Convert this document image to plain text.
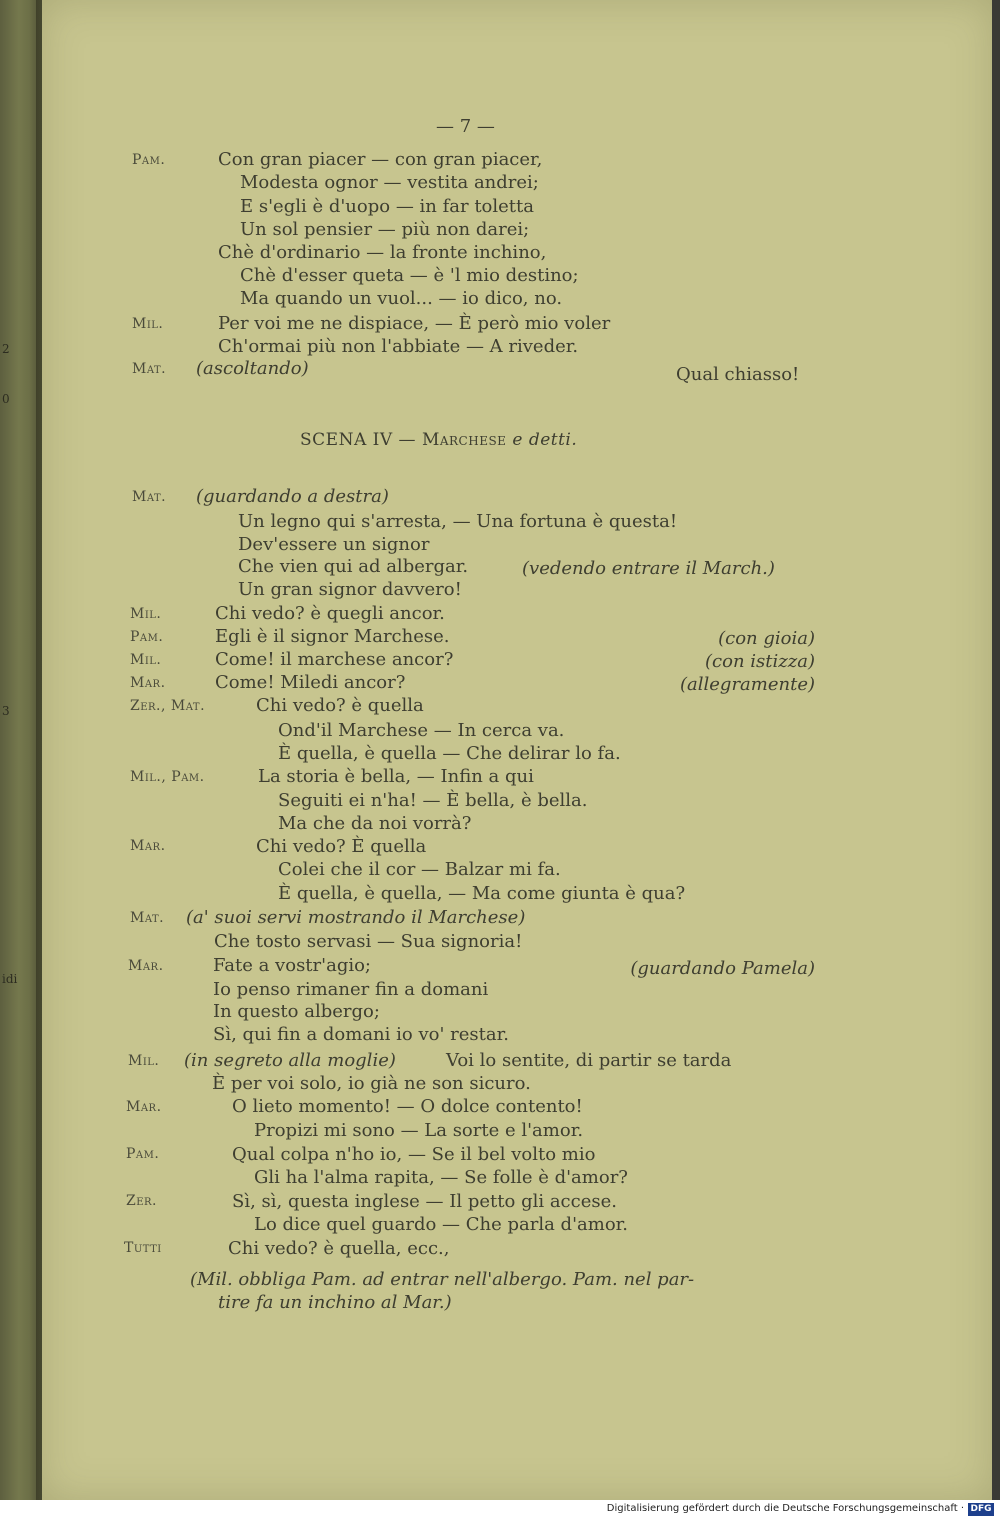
2
0
3
idi
— 7 —
Pam.	Con gran piacer — con gran piacer,
Modesta ognor — vestita andrei;
E s'egli è d'uopo — in far toletta
Un sol pensier — più non darei;
Chè d'ordinario — la fronte inchino,
Chè d'esser queta — è 'l mio destino;
Ma quando un vuol... — io dico, no.
Mil.	Per voi me ne dispiace, — È però mio voler
Ch'ormai più non l'abbiate — A riveder.
Mat. (ascoltando)	Qual chiasso!
SCENA IV — Marchese e detti.
Mat. (guardando a destra)
Un legno qui s'arresta, — Una fortuna è questa!
Dev'essere un signor
Che vien qui ad albergar.	(vedendo entrare il March.)
Un gran signor davvero!
Mil.	Chi vedo? è quegli ancor.
Pam.	Egli è il signor Marchese.	(con gioia)
Mil.	Come! il marchese ancor?	(con istizza)
Mar.	Come! Miledi ancor?	(allegramente)
Zer., Mat.	Chi vedo? è quella
Ond'il Marchese — In cerca va.
È quella, è quella — Che delirar lo fa.
Mil., Pam.	La storia è bella, — Infin a qui
Seguiti ei n'ha! — È bella, è bella.
Ma che da noi vorrà?
Mar.	Chi vedo? È quella
Colei che il cor — Balzar mi fa.
È quella, è quella, — Ma come giunta è qua?
Mat. (a' suoi servi mostrando il Marchese)
Che tosto servasi — Sua signoria!
Mar.	Fate a vostr'agio;	(guardando Pamela)
Io penso rimaner fin a domani
In questo albergo;
Sì, qui fin a domani io vo' restar.
Mil. (in segreto alla moglie)	Voi lo sentite, di partir se tarda
È per voi solo, io già ne son sicuro.
Mar.	O lieto momento! — O dolce contento!
Propizi mi sono — La sorte e l'amor.
Pam.	Qual colpa n'ho io, — Se il bel volto mio
Gli ha l'alma rapita, — Se folle è d'amor?
Zer.	Sì, sì, questa inglese — Il petto gli accese.
Lo dice quel guardo — Che parla d'amor.
Tutti	Chi vedo? è quella, ecc.,
(Mil. obbliga Pam. ad entrar nell'albergo. Pam. nel par-
tire fa un inchino al Mar.)
Digitalisierung gefördert durch die Deutsche Forschungsgemeinschaft · DFG
